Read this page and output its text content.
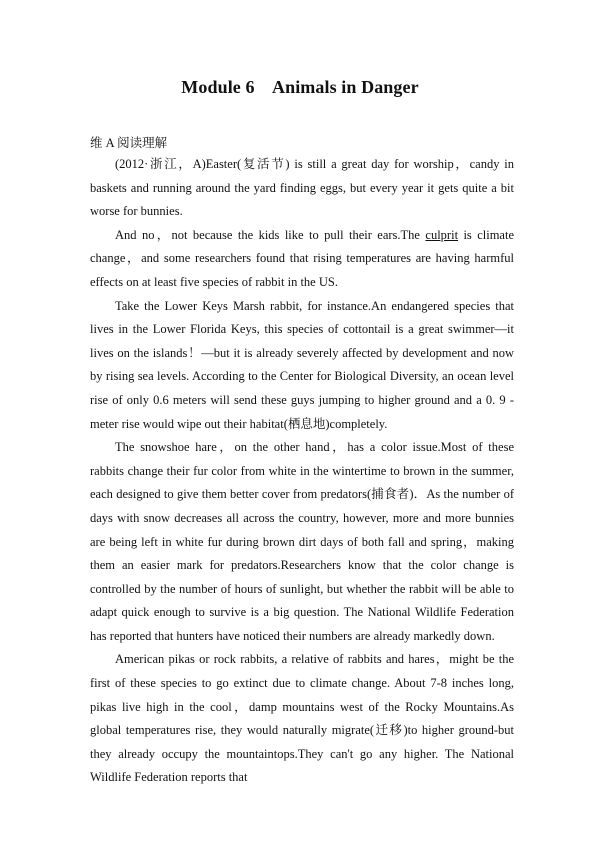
Module 6    Animals in Danger
维 A 阅读理解

(2012·浙江，A)Easter(复活节) is still a great day for worship，candy in baskets and running around the yard finding eggs, but every year it gets quite a bit worse for bunnies.

And no，not because the kids like to pull their ears.The culprit is climate change，and some researchers found that rising temperatures are having harmful effects on at least five species of rabbit in the US.

Take the Lower Keys Marsh rabbit, for instance.An endangered species that lives in the Lower Florida Keys, this species of cottontail is a great swimmer—it lives on the islands！—but it is already severely affected by development and now by rising sea levels. According to the Center for Biological Diversity, an ocean level rise of only 0.6 meters will send these guys jumping to higher ground and a 0. 9 - meter rise would wipe out their habitat(栖息地)completely.

The snowshoe hare，on the other hand，has a color issue.Most of these rabbits change their fur color from white in the wintertime to brown in the summer, each designed to give them better cover from predators(捕食者)．As the number of days with snow decreases all across the country, however, more and more bunnies are being left in white fur during brown dirt days of both fall and spring，making them an easier mark for predators.Researchers know that the color change is controlled by the number of hours of sunlight, but whether the rabbit will be able to adapt quick enough to survive is a big question. The National Wildlife Federation has reported that hunters have noticed their numbers are already markedly down.

American pikas or rock rabbits, a relative of rabbits and hares，might be the first of these species to go extinct due to climate change. About 7-8 inches long, pikas live high in the cool，damp mountains west of the Rocky Mountains.As global temperatures rise, they would naturally migrate(迁移)to higher ground-but they already occupy the mountaintops.They can't go any higher. The National Wildlife Federation reports that
